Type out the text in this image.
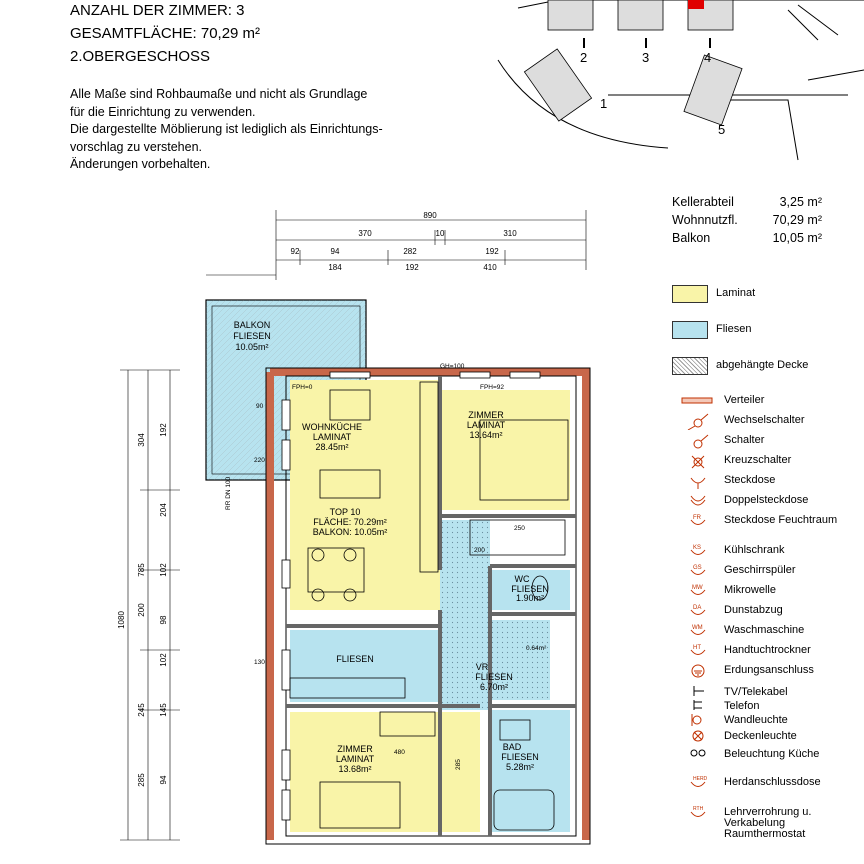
ANZAHL DER ZIMMER: 3
GESAMTFLÄCHE: 70,29 m²
2.OBERGESCHOSS
Alle Maße sind Rohbaumaße und nicht als Grundlage
für die Einrichtung zu verwenden.
Die dargestellte Möblierung ist lediglich als Einrichtungs-
vorschlag zu verstehen.
Änderungen vorbehalten.
2	3	4
1
5
Kellerabteil	3,25 m²
Wohnnutzfl.	70,29 m²
Balkon	10,05 m²
Laminat
Fliesen
abgehängte Decke
Verteiler
Wechselschalter
Schalter
Kreuzschalter
Steckdose
Doppelsteckdose
FR Steckdose Feuchtraum
KS Kühlschrank
GS Geschirrspüler
MW Mikrowelle
DA Dunstabzug
WM Waschmaschine
HT Handtuchtrockner
Erdungsanschluss
TV/Telekabel
Telefon
Wandleuchte
Deckenleuchte
Beleuchtung Küche
HERD Herdanschlussdose
RTH Lehrverrohrung u. Verkabelung Raumthermostat
890
370	10	310
92	94	282	192
184	192	410
1080
785
192
304
204
102
200
98
102
245 145
285 94
BALKON
FLIESEN
10.05m²
WOHNKÜCHE
LAMINAT
28.45m²
ZIMMER
LAMINAT
13.64m²
WC
FLIESEN
1.90m²
FLIESEN
VR
FLIESEN
6.70m²
ZIMMER
LAMINAT
13.68m²
BAD
FLIESEN
5.28m²
TOP 10
FLÄCHE: 70.29m²
BALKON: 10.05m²
FPH=0	FPH=92
90
220
130
RR DN 100
GH=100
0.64m²
200
250
480
285
